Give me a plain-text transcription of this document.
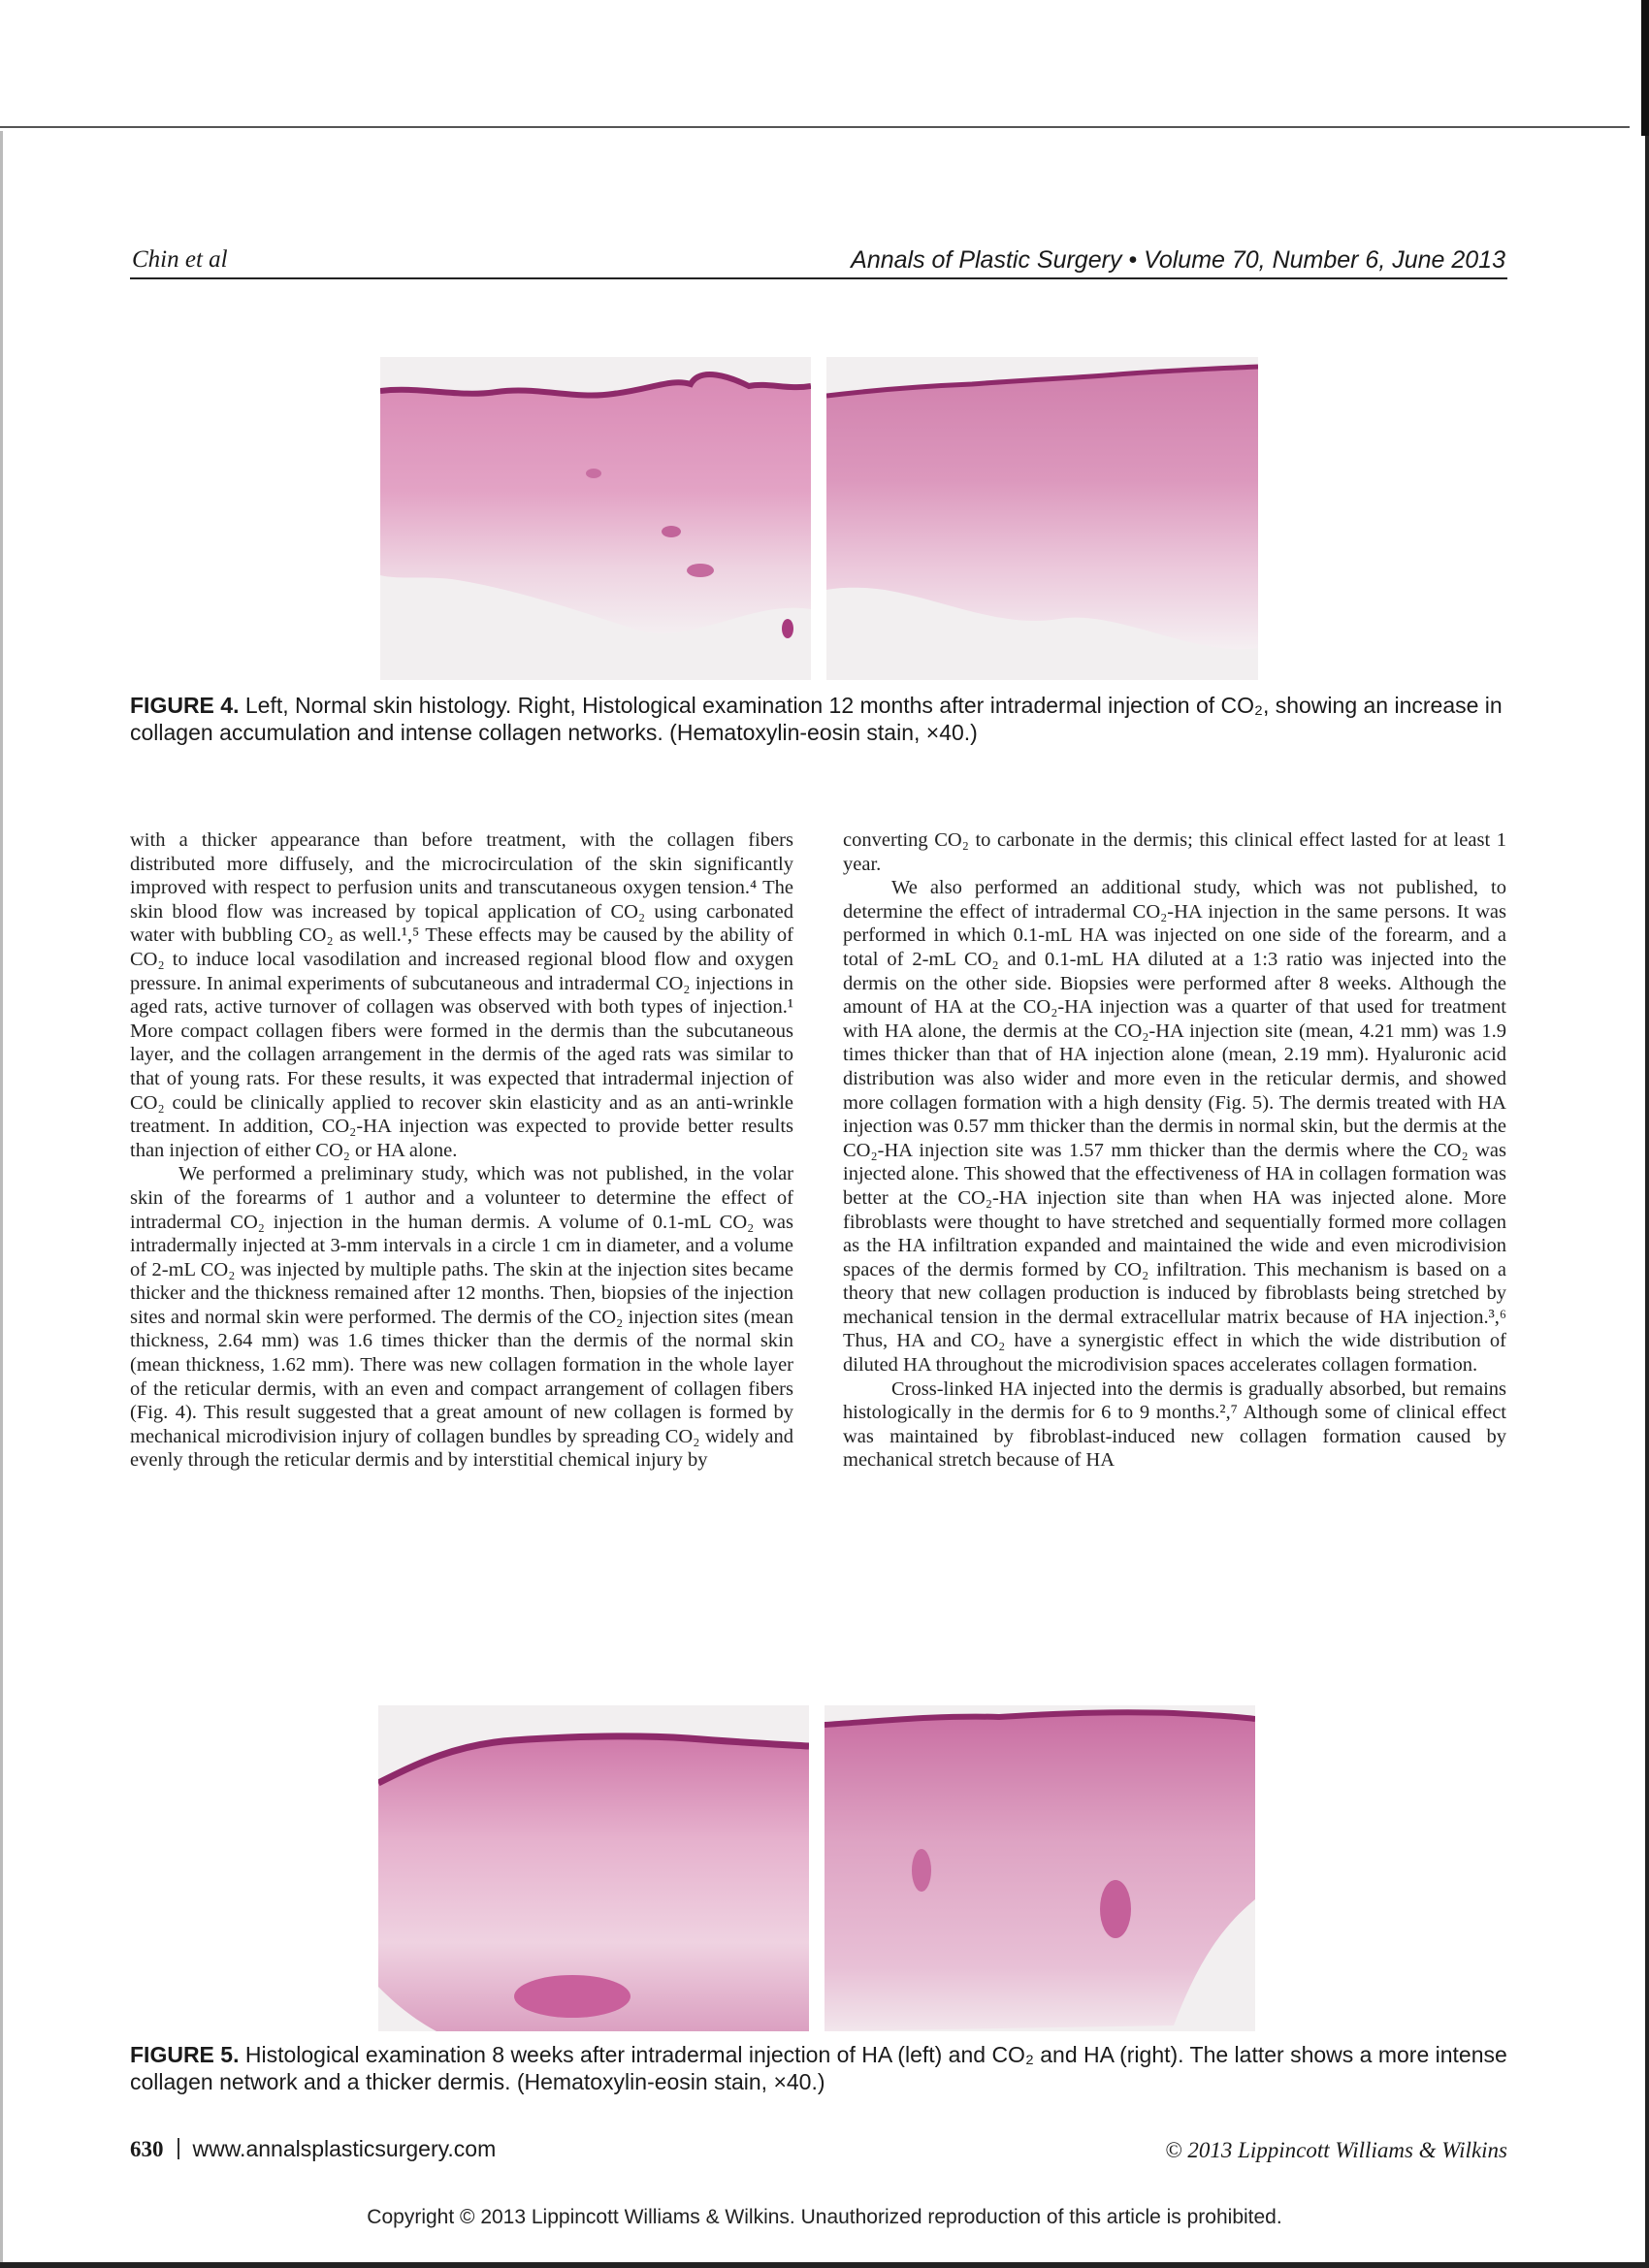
Chin et al	Annals of Plastic Surgery • Volume 70, Number 6, June 2013
FIGURE 4. Left, Normal skin histology. Right, Histological examination 12 months after intradermal injection of CO₂, showing an increase in collagen accumulation and intense collagen networks. (Hematoxylin-eosin stain, ×40.)

with a thicker appearance than before treatment, with the collagen fibers distributed more diffusely, and the microcirculation of the skin significantly improved with respect to perfusion units and transcutaneous oxygen tension.⁴ The skin blood flow was increased by topical application of CO₂ using carbonated water with bubbling CO₂ as well.¹,⁵ These effects may be caused by the ability of CO₂ to induce local vasodilation and increased regional blood flow and oxygen pressure. In animal experiments of subcutaneous and intradermal CO₂ injections in aged rats, active turnover of collagen was observed with both types of injection.¹ More compact collagen fibers were formed in the dermis than the subcutaneous layer, and the collagen arrangement in the dermis of the aged rats was similar to that of young rats. For these results, it was expected that intradermal injection of CO₂ could be clinically applied to recover skin elasticity and as an anti-wrinkle treatment. In addition, CO₂-HA injection was expected to provide better results than injection of either CO₂ or HA alone.

We performed a preliminary study, which was not published, in the volar skin of the forearms of 1 author and a volunteer to determine the effect of intradermal CO₂ injection in the human dermis. A volume of 0.1-mL CO₂ was intradermally injected at 3-mm intervals in a circle 1 cm in diameter, and a volume of 2-mL CO₂ was injected by multiple paths. The skin at the injection sites became thicker and the thickness remained after 12 months. Then, biopsies of the injection sites and normal skin were performed. The dermis of the CO₂ injection sites (mean thickness, 2.64 mm) was 1.6 times thicker than the dermis of the normal skin (mean thickness, 1.62 mm). There was new collagen formation in the whole layer of the reticular dermis, with an even and compact arrangement of collagen fibers (Fig. 4). This result suggested that a great amount of new collagen is formed by mechanical microdivision injury of collagen bundles by spreading CO₂ widely and evenly through the reticular dermis and by interstitial chemical injury by

converting CO₂ to carbonate in the dermis; this clinical effect lasted for at least 1 year.

We also performed an additional study, which was not published, to determine the effect of intradermal CO₂-HA injection in the same persons. It was performed in which 0.1-mL HA was injected on one side of the forearm, and a total of 2-mL CO₂ and 0.1-mL HA diluted at a 1:3 ratio was injected into the dermis on the other side. Biopsies were performed after 8 weeks. Although the amount of HA at the CO₂-HA injection was a quarter of that used for treatment with HA alone, the dermis at the CO₂-HA injection site (mean, 4.21 mm) was 1.9 times thicker than that of HA injection alone (mean, 2.19 mm). Hyaluronic acid distribution was also wider and more even in the reticular dermis, and showed more collagen formation with a high density (Fig. 5). The dermis treated with HA injection was 0.57 mm thicker than the dermis in normal skin, but the dermis at the CO₂-HA injection site was 1.57 mm thicker than the dermis where the CO₂ was injected alone. This showed that the effectiveness of HA in collagen formation was better at the CO₂-HA injection site than when HA was injected alone. More fibroblasts were thought to have stretched and sequentially formed more collagen as the HA infiltration expanded and maintained the wide and even microdivision spaces of the dermis formed by CO₂ infiltration. This mechanism is based on a theory that new collagen production is induced by fibroblasts being stretched by mechanical tension in the dermal extracellular matrix because of HA injection.³,⁶ Thus, HA and CO₂ have a synergistic effect in which the wide distribution of diluted HA throughout the microdivision spaces accelerates collagen formation.

Cross-linked HA injected into the dermis is gradually absorbed, but remains histologically in the dermis for 6 to 9 months.²,⁷ Although some of clinical effect was maintained by fibroblast-induced new collagen formation caused by mechanical stretch because of HA

FIGURE 5. Histological examination 8 weeks after intradermal injection of HA (left) and CO₂ and HA (right). The latter shows a more intense collagen network and a thicker dermis. (Hematoxylin-eosin stain, ×40.)
630 www.annalsplasticsurgery.com	© 2013 Lippincott Williams & Wilkins
Copyright © 2013 Lippincott Williams & Wilkins. Unauthorized reproduction of this article is prohibited.
